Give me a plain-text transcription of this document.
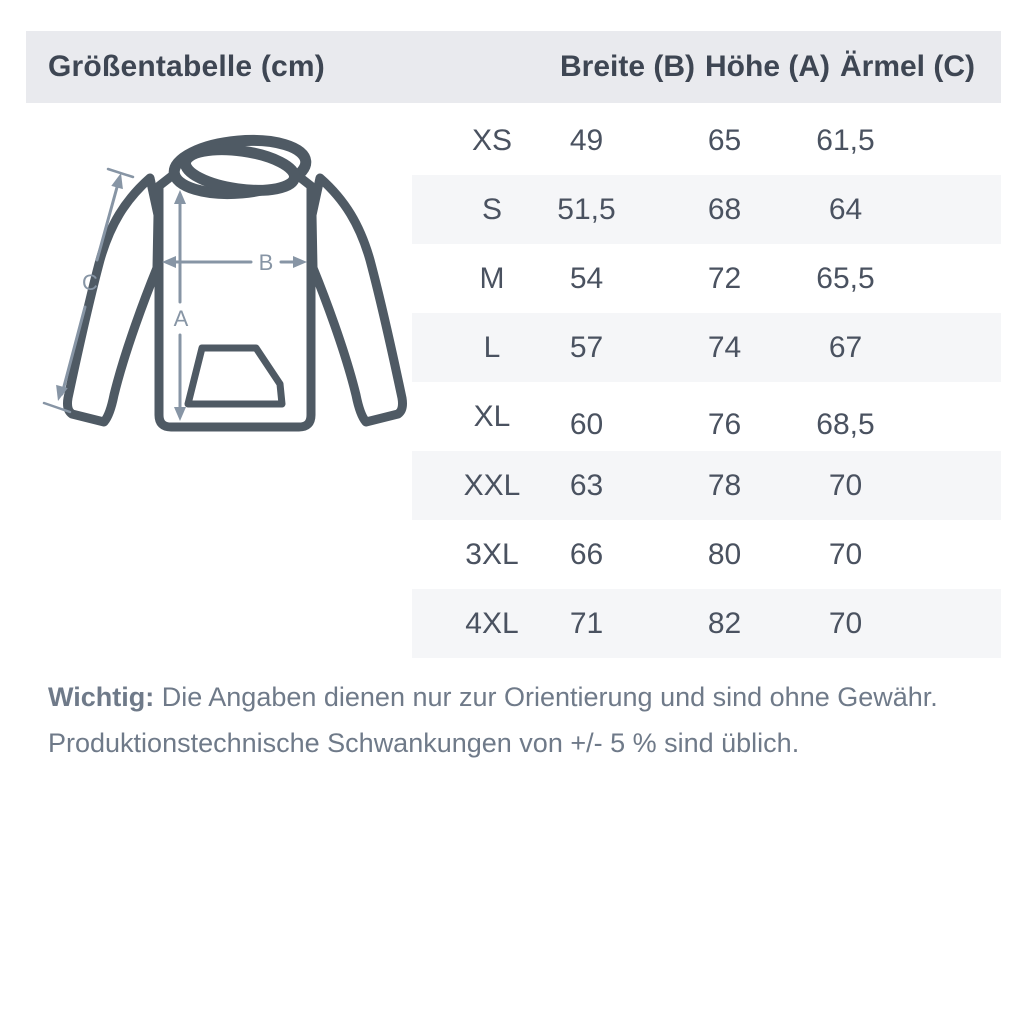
Größentabelle (cm)	Breite (B) Höhe (A) Ärmel (C)
A
B
C
XS	49	65	61,5
S	51,5	68	64
M	54	72	65,5
L	57	74	67
XL	60	76	68,5
XXL	63	78	70
3XL	66	80	70
4XL	71	82	70

Wichtig: Die Angaben dienen nur zur Orientierung und sind ohne Gewähr.

Produktionstechnische Schwankungen von +/- 5 % sind üblich.
